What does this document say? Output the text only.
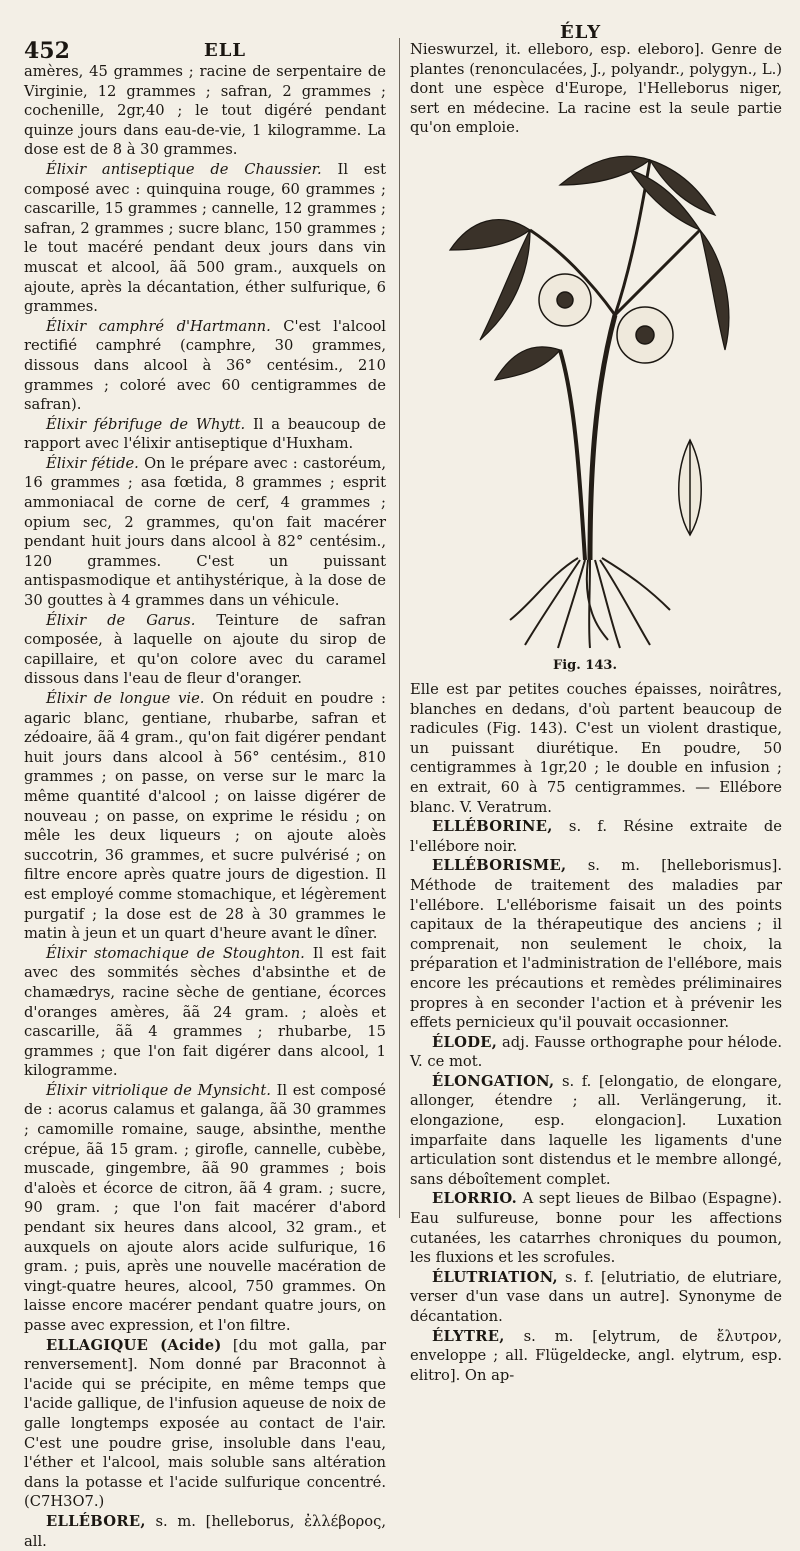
452	ELL
ÉLY

amères, 45 grammes ; racine de serpentaire de Virginie, 12 grammes ; safran, 2 grammes ; cochenille, 2gr,40 ; le tout digéré pendant quinze jours dans eau-de-vie, 1 kilogramme. La dose est de 8 à 30 grammes.

Élixir antiseptique de Chaussier. Il est composé avec : quinquina rouge, 60 grammes ; cascarille, 15 grammes ; cannelle, 12 grammes ; safran, 2 grammes ; sucre blanc, 150 grammes ; le tout macéré pendant deux jours dans vin muscat et alcool, ãã 500 gram., auxquels on ajoute, après la décantation, éther sulfurique, 6 grammes.

Élixir camphré d'Hartmann. C'est l'alcool rectifié camphré (camphre, 30 grammes, dissous dans alcool à 36° centésim., 210 grammes ; coloré avec 60 centigrammes de safran).

Élixir fébrifuge de Whytt. Il a beaucoup de rapport avec l'élixir antiseptique d'Huxham.

Élixir fétide. On le prépare avec : castoréum, 16 grammes ; asa fœtida, 8 grammes ; esprit ammoniacal de corne de cerf, 4 grammes ; opium sec, 2 grammes, qu'on fait macérer pendant huit jours dans alcool à 82° centésim., 120 grammes. C'est un puissant antispasmodique et antihystérique, à la dose de 30 gouttes à 4 grammes dans un véhicule.

Élixir de Garus. Teinture de safran composée, à laquelle on ajoute du sirop de capillaire, et qu'on colore avec du caramel dissous dans l'eau de fleur d'oranger.

Élixir de longue vie. On réduit en poudre : agaric blanc, gentiane, rhubarbe, safran et zédoaire, ãã 4 gram., qu'on fait digérer pendant huit jours dans alcool à 56° centésim., 810 grammes ; on passe, on verse sur le marc la même quantité d'alcool ; on laisse digérer de nouveau ; on passe, on exprime le résidu ; on mêle les deux liqueurs ; on ajoute aloès succotrin, 36 grammes, et sucre pulvérisé ; on filtre encore après quatre jours de digestion. Il est employé comme stomachique, et légèrement purgatif ; la dose est de 28 à 30 grammes le matin à jeun et un quart d'heure avant le dîner.

Élixir stomachique de Stoughton. Il est fait avec des sommités sèches d'absinthe et de chamædrys, racine sèche de gentiane, écorces d'oranges amères, ãã 24 gram. ; aloès et cascarille, ãã 4 grammes ; rhubarbe, 15 grammes ; que l'on fait digérer dans alcool, 1 kilogramme.

Élixir vitriolique de Mynsicht. Il est composé de : acorus calamus et galanga, ãã 30 grammes ; camomille romaine, sauge, absinthe, menthe crépue, ãã 15 gram. ; girofle, cannelle, cubèbe, muscade, gingembre, ãã 90 grammes ; bois d'aloès et écorce de citron, ãã 4 gram. ; sucre, 90 gram. ; que l'on fait macérer d'abord pendant six heures dans alcool, 32 gram., et auxquels on ajoute alors acide sulfurique, 16 gram. ; puis, après une nouvelle macération de vingt-quatre heures, alcool, 750 grammes. On laisse encore macérer pendant quatre jours, on passe avec expression, et l'on filtre.

ELLAGIQUE (Acide) [du mot galla, par renversement]. Nom donné par Braconnot à l'acide qui se précipite, en même temps que l'acide gallique, de l'infusion aqueuse de noix de galle longtemps exposée au contact de l'air. C'est une poudre grise, insoluble dans l'eau, l'éther et l'alcool, mais soluble sans altération dans la potasse et l'acide sulfurique concentré. (C7H3O7.)

ELLÉBORE, s. m. [helleborus, ἐλλέβορος, all.

Nieswurzel, it. elleboro, esp. eleboro]. Genre de plantes (renonculacées, J., polyandr., polygyn., L.) dont une espèce d'Europe, l'Helleborus niger, sert en médecine. La racine est la seule partie qu'on emploie.

Fig. 143.

Elle est par petites couches épaisses, noirâtres, blanches en dedans, d'où partent beaucoup de radicules (Fig. 143). C'est un violent drastique, un puissant diurétique. En poudre, 50 centigrammes à 1gr,20 ; le double en infusion ; en extrait, 60 à 75 centigrammes. — Ellébore blanc. V. Veratrum.

ELLÉBORINE, s. f. Résine extraite de l'ellébore noir.

ELLÉBORISME, s. m. [helleborismus]. Méthode de traitement des maladies par l'ellébore. L'elléborisme faisait un des points capitaux de la thérapeutique des anciens ; il comprenait, non seulement le choix, la préparation et l'administration de l'ellébore, mais encore les précautions et remèdes préliminaires propres à en seconder l'action et à prévenir les effets pernicieux qu'il pouvait occasionner.

ÉLODE, adj. Fausse orthographe pour hélode. V. ce mot.

ÉLONGATION, s. f. [elongatio, de elongare, allonger, étendre ; all. Verlängerung, it. elongazione, esp. elongacion]. Luxation imparfaite dans laquelle les ligaments d'une articulation sont distendus et le membre allongé, sans déboîtement complet.

ELORRIO. A sept lieues de Bilbao (Espagne). Eau sulfureuse, bonne pour les affections cutanées, les catarrhes chroniques du poumon, les fluxions et les scrofules.

ÉLUTRIATION, s. f. [elutriatio, de elutriare, verser d'un vase dans un autre]. Synonyme de décantation.

ÉLYTRE, s. m. [elytrum, de ἔλυτρον, enveloppe ; all. Flügeldecke, angl. elytrum, esp. elitro]. On ap-
